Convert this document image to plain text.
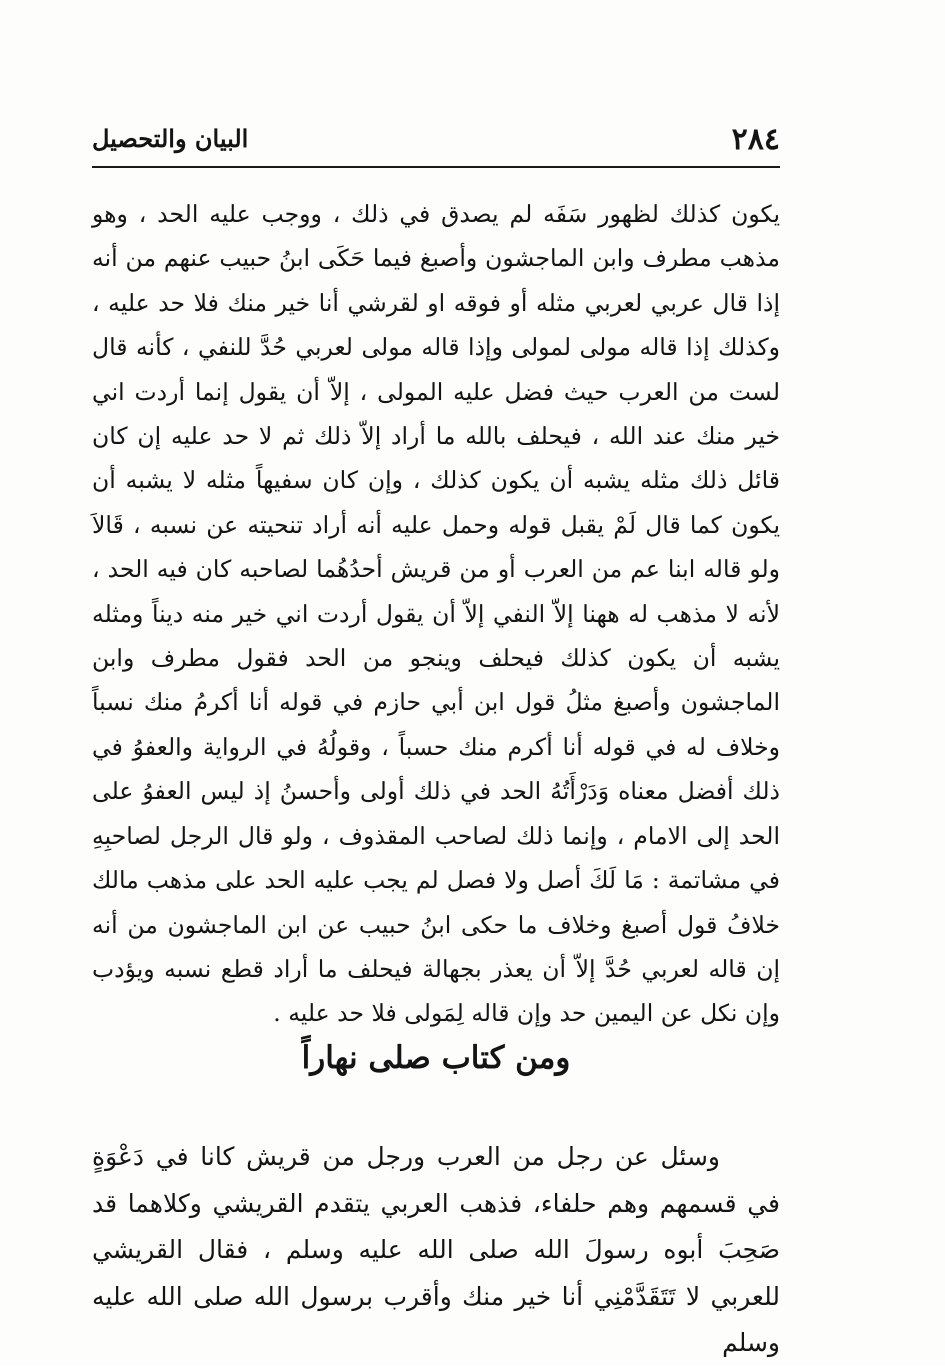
٢٨٤
البيان والتحصيل

يكون كذلك لظهور سَفَه لم يصدق في ذلك ، ووجب عليه الحد ، وهو مذهب مطرف وابن الماجشون وأصبغ فيما حَكَى ابنُ حبيب عنهم من أنه إذا قال عربي لعربي مثله أو فوقه او لقرشي أنا خير منك فلا حد عليه ، وكذلك إذا قاله مولى لمولى وإذا قاله مولى لعربي حُدَّ للنفي ، كأنه قال لست من العرب حيث فضل عليه المولى ، إلاّ أن يقول إنما أردت اني خير منك عند الله ، فيحلف بالله ما أراد إلاّ ذلك ثم لا حد عليه إن كان قائل ذلك مثله يشبه أن يكون كذلك ، وإن كان سفيهاً مثله لا يشبه أن يكون كما قال لَمْ يقبل قوله وحمل عليه أنه أراد تنحيته عن نسبه ، قَالاَ ولو قاله ابنا عم من العرب أو من قريش أحدُهُما لصاحبه كان فيه الحد ، لأنه لا مذهب له ههنا إلاّ النفي إلاّ أن يقول أردت اني خير منه ديناً ومثله يشبه أن يكون كذلك فيحلف وينجو من الحد فقول مطرف وابن الماجشون وأصبغ مثلُ قول ابن أبي حازم في قوله أنا أكرمُ منك نسباً وخلاف له في قوله أنا أكرم منك حسباً ، وقولُهُ في الرواية والعفوُ في ذلك أفضل معناه وَدَرْأَتُهُ الحد في ذلك أولى وأحسنُ إذ ليس العفوُ على الحد إلى الامام ، وإنما ذلك لصاحب المقذوف ، ولو قال الرجل لصاحبِهِ في مشاتمة : مَا لَكَ أصل ولا فصل لم يجب عليه الحد على مذهب مالك خلافُ قول أصبغ وخلاف ما حكى ابنُ حبيب عن ابن الماجشون من أنه إن قاله لعربي حُدَّ إلاّ أن يعذر بجهالة فيحلف ما أراد قطع نسبه ويؤدب وإن نكل عن اليمين حد وإن قاله لِمَولى فلا حد عليه .

ومن كتاب صلى نهاراً

وسئل عن رجل من العرب ورجل من قريش كانا في دَعْوَةٍ في قسمهم وهم حلفاء، فذهب العربي يتقدم القريشي وكلاهما قد صَحِبَ أبوه رسولَ الله صلى الله عليه وسلم ، فقال القريشي للعربي لا تَتَقَدَّمْنِي أنا خير منك وأقرب برسول الله صلى الله عليه وسلم
